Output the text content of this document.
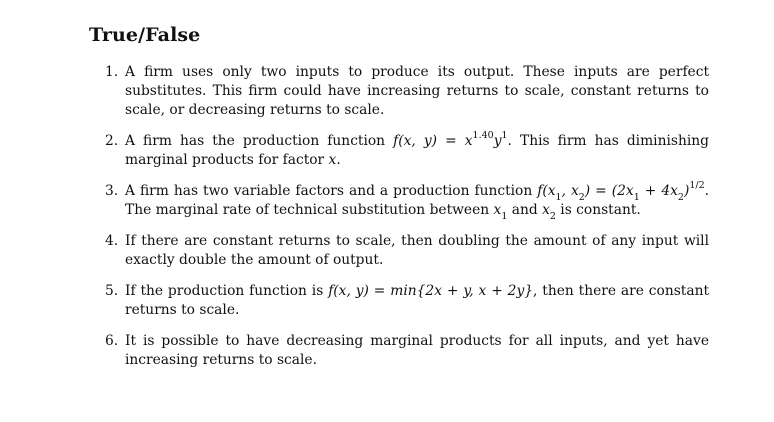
True/False
1. A firm uses only two inputs to produce its output. These inputs are perfect substitutes. This firm could have increasing returns to scale, constant returns to scale, or decreasing returns to scale.
2. A firm has the production function f(x, $y) = x^{1.40}y^1$. This firm has diminishing marginal products for factor x.
3. A firm has two variable factors and a production function $f(x_1$, $x_2) = (2x_1 + 4x_2)^{1/2}$. The marginal rate of technical substitution between $x_1$ and $x_2$ is constant.
4. If there are constant returns to scale, then doubling the amount of any input will exactly double the amount of output.
5. If the production function is f(x, y) = min{2x + y, x + 2y}, then there are constant returns to scale.
6. It is possible to have decreasing marginal products for all inputs, and yet have increasing returns to scale.
